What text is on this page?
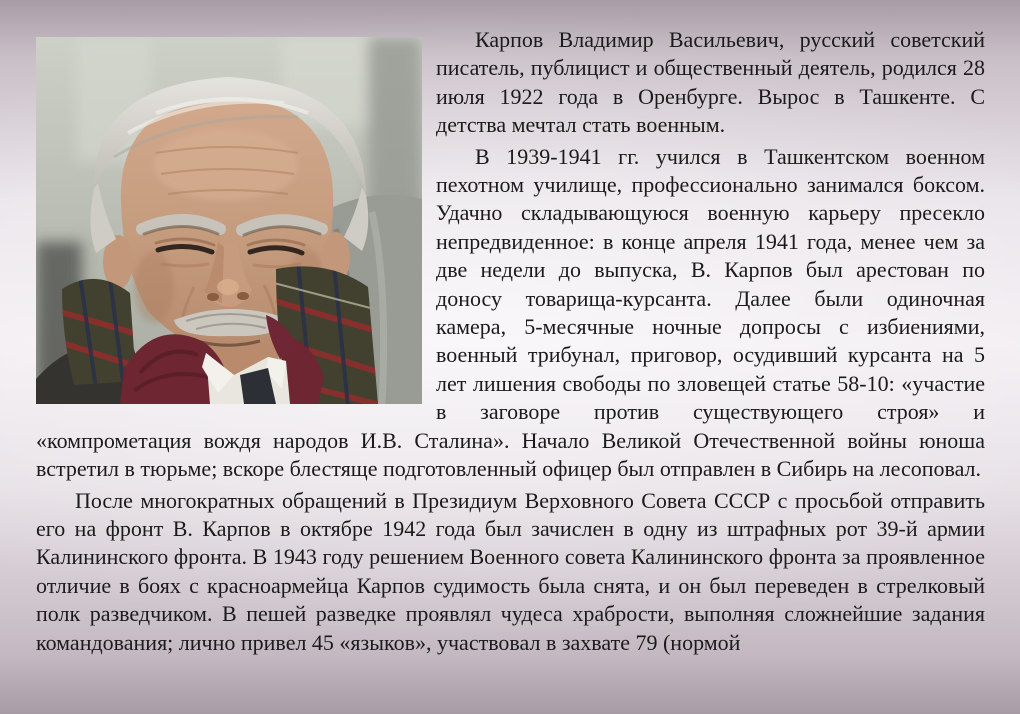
Карпов Владимир Васильевич, русский советский писатель, публицист и общественный деятель, родился 28 июля 1922 года в Оренбурге. Вырос в Ташкенте. С детства мечтал стать военным.

В 1939-1941 гг. учился в Ташкентском военном пехотном училище, профессионально занимался боксом. Удачно складывающуюся военную карьеру пресекло непредвиденное: в конце апреля 1941 года, менее чем за две недели до выпуска, В. Карпов был арестован по доносу товарища-курсанта. Далее были одиночная камера, 5-месячные ночные допросы с избиениями, военный трибунал, приговор, осудивший курсанта на 5 лет лишения свободы по зловещей статье 58-10: «участие в заговоре против существующего строя» и «компрометация вождя народов И.В. Сталина». Начало Великой Отечественной войны юноша встретил в тюрьме; вскоре блестяще подготовленный офицер был отправлен в Сибирь на лесоповал.

После многократных обращений в Президиум Верховного Совета СССР с просьбой отправить его на фронт В. Карпов в октябре 1942 года был зачислен в одну из штрафных рот 39-й армии Калининского фронта. В 1943 году решением Военного совета Калининского фронта за проявленное отличие в боях с красноармейца Карпов судимость была снята, и он был переведен в стрелковый полк разведчиком. В пешей разведке проявлял чудеса храбрости, выполняя сложнейшие задания командования; лично привел 45 «языков», участвовал в захвате 79 (нормой
